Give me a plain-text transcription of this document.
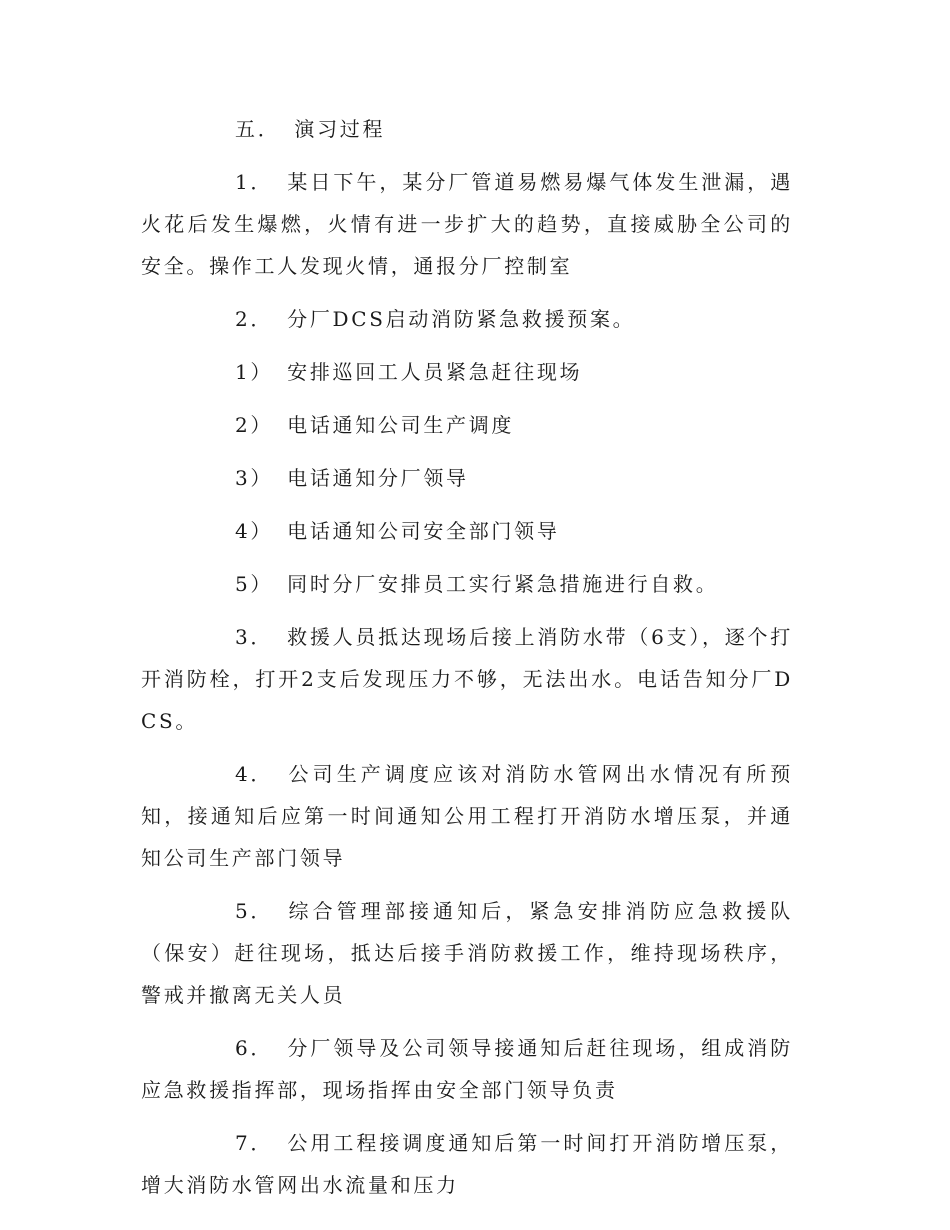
五． 演习过程

1． 某日下午，某分厂管道易燃易爆气体发生泄漏，遇火花后发生爆燃，火情有进一步扩大的趋势，直接威胁全公司的安全。操作工人发现火情，通报分厂控制室

2． 分厂DCS启动消防紧急救援预案。

1） 安排巡回工人员紧急赶往现场

2） 电话通知公司生产调度

3） 电话通知分厂领导

4） 电话通知公司安全部门领导

5） 同时分厂安排员工实行紧急措施进行自救。

3． 救援人员抵达现场后接上消防水带（6支），逐个打开消防栓，打开2支后发现压力不够，无法出水。电话告知分厂DCS。

4． 公司生产调度应该对消防水管网出水情况有所预知，接通知后应第一时间通知公用工程打开消防水增压泵，并通知公司生产部门领导

5． 综合管理部接通知后，紧急安排消防应急救援队（保安）赶往现场，抵达后接手消防救援工作，维持现场秩序，警戒并撤离无关人员

6． 分厂领导及公司领导接通知后赶往现场，组成消防应急救援指挥部，现场指挥由安全部门领导负责

7． 公用工程接调度通知后第一时间打开消防增压泵，增大消防水管网出水流量和压力
